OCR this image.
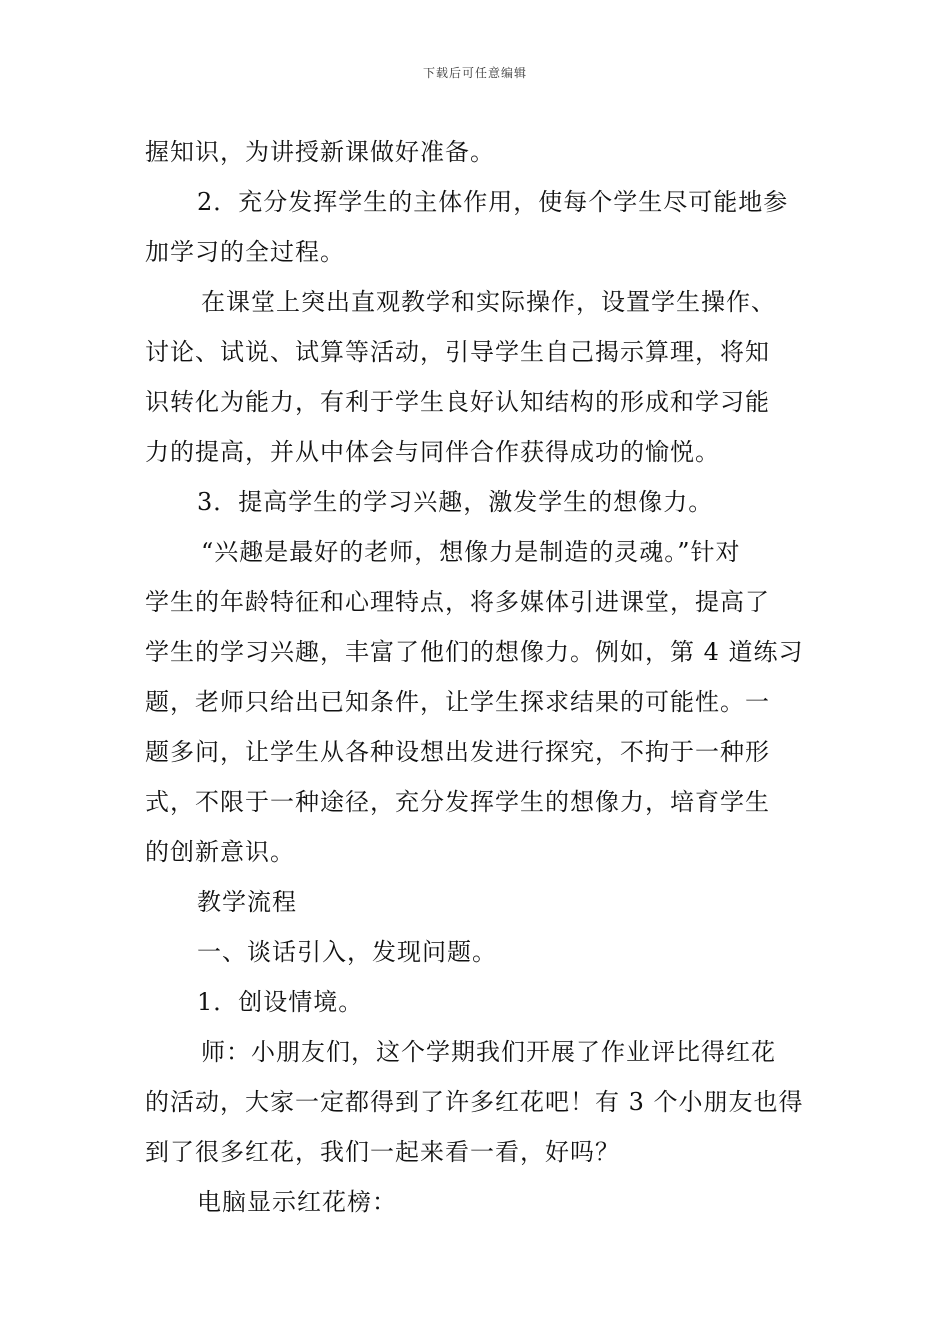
下载后可任意编辑
握知识，为讲授新课做好准备。
2．充分发挥学生的主体作用，使每个学生尽可能地参
加学习的全过程。
在课堂上突出直观教学和实际操作，设置学生操作、
讨论、试说、试算等活动，引导学生自己揭示算理，将知
识转化为能力，有利于学生良好认知结构的形成和学习能
力的提高，并从中体会与同伴合作获得成功的愉悦。
3．提高学生的学习兴趣，激发学生的想像力。
“兴趣是最好的老师，想像力是制造的灵魂。”针对
学生的年龄特征和心理特点，将多媒体引进课堂，提高了
学生的学习兴趣，丰富了他们的想像力。例如，第 4 道练习
题，老师只给出已知条件，让学生探求结果的可能性。一
题多问，让学生从各种设想出发进行探究，不拘于一种形
式，不限于一种途径，充分发挥学生的想像力，培育学生
的创新意识。
教学流程
一、谈话引入，发现问题。
1．创设情境。
师：小朋友们，这个学期我们开展了作业评比得红花
的活动，大家一定都得到了许多红花吧！有 3 个小朋友也得
到了很多红花，我们一起来看一看，好吗？
电脑显示红花榜：
